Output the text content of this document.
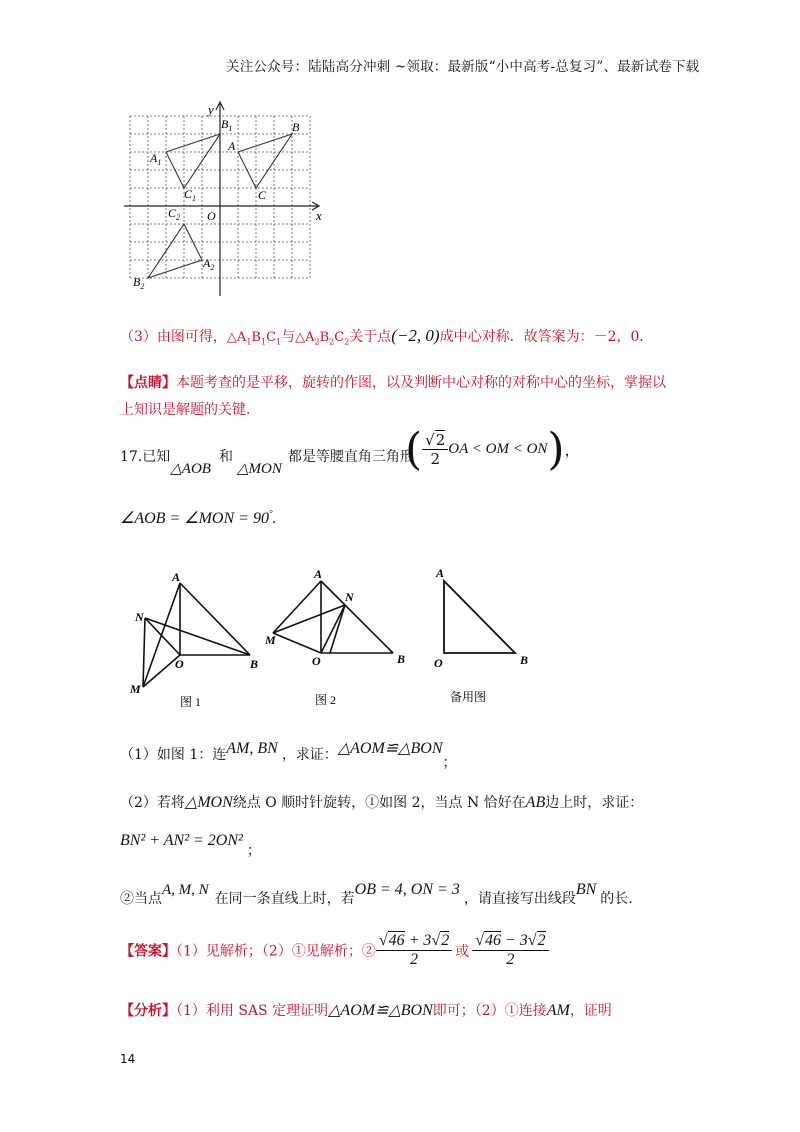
关注公众号：陆陆高分冲刺 ~领取：最新版“小中高考-总复习”、最新试卷下载
y
x
O
A
B
C
$A_1$
$B_1$
$C_1$
$C_2$
$A_2$
$B_2$
（3）由图可得，$\triangle A_1B_1C_1$与$\triangle A_2B_2C_2$关于点(−2, 0)成中心对称．故答案为：－2，0．
【点睛】本题考查的是平移，旋转的作图，以及判断中心对称的对称中心的坐标，掌握以
上知识是解题的关键.
17.已知△AOB和△MON都是等腰直角三角形
( $\frac{√2}{2}$ OA < OM < ON)，
∠AOB = ∠MON = 90°.
A
B
O
N
M
图 1
A
B
O
N
M
图 2
A
B
O
备用图
（1）如图 1：连AM, BN ，求证：△AOM≌△BON；
（2）若将△MON绕点 O 顺时针旋转，①如图 2，当点 N 恰好在AB边上时，求证：
BN² + AN² = 2ON²；
②当点A, M, N在同一条直线上时，若OB = 4, ON = 3，请直接写出线段BN的长.
【答案】（1）见解析；（2）①见解析；② $\frac{√46 + 3√2}{2}$ 或 $\frac{√46 - 3√2}{2}$
【分析】（1）利用 SAS 定理证明△AOM≌△BON即可；（2）①连接AM，证明
14
